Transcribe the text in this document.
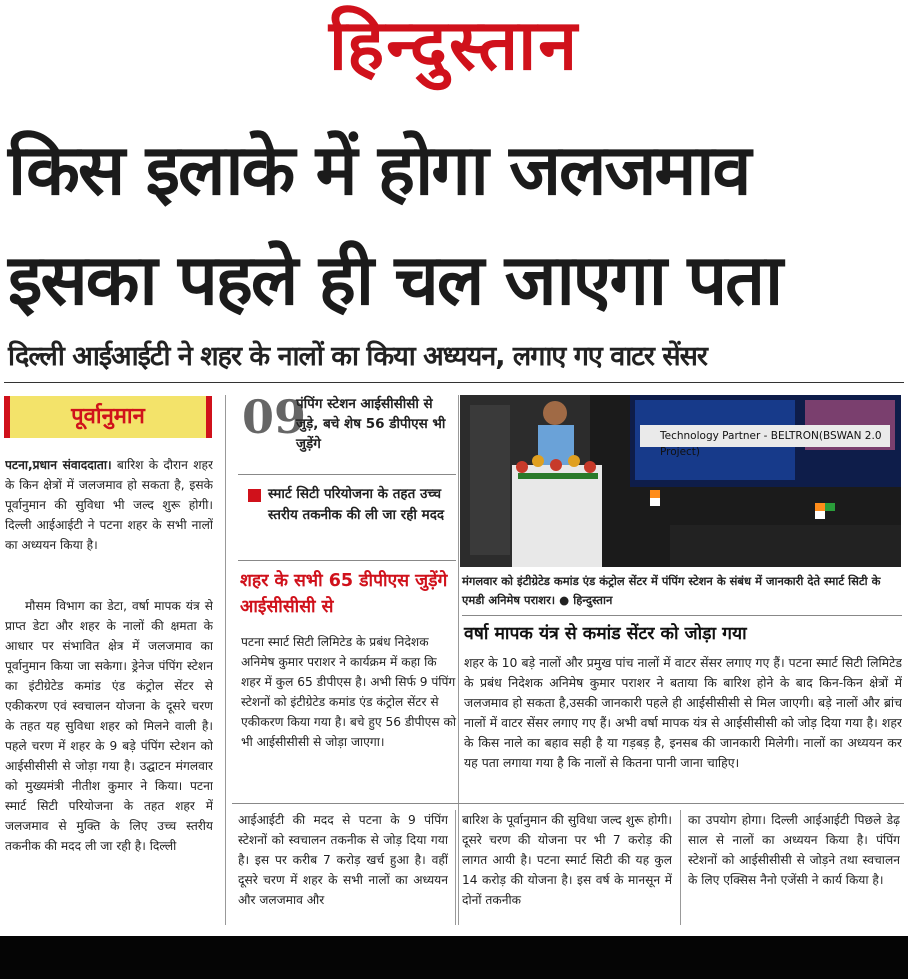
हिन्दुस्तान
किस इलाके में होगा जलजमाव
इसका पहले ही चल जाएगा पता
दिल्ली आईआईटी ने शहर के नालों का किया अध्ययन, लगाए गए वाटर सेंसर
पूर्वानुमान
पटना,प्रधान संवाददाता। बारिश के दौरान शहर के किन क्षेत्रों में जलजमाव हो सकता है, इसके पूर्वानुमान की सुविधा भी जल्द शुरू होगी। दिल्ली आईआईटी ने पटना शहर के सभी नालों का अध्ययन किया है।
मौसम विभाग का डेटा, वर्षा मापक यंत्र से प्राप्त डेटा और शहर के नालों की क्षमता के आधार पर संभावित क्षेत्र में जलजमाव का पूर्वानुमान किया जा सकेगा। ड्रेनेज पंपिंग स्टेशन का इंटीग्रेटेड कमांड एंड कंट्रोल सेंटर से एकीकरण एवं स्वचालन योजना के दूसरे चरण के तहत यह सुविधा शहर को मिलने वाली है। पहले चरण में शहर के 9 बड़े पंपिंग स्टेशन को आईसीसीसी से जोड़ा गया है। उद्घाटन मंगलवार को मुख्यमंत्री नीतीश कुमार ने किया। पटना स्मार्ट सिटी परियोजना के तहत शहर में जलजमाव से मुक्ति के लिए उच्च स्तरीय तकनीक की मदद ली जा रही है। दिल्ली
09
पंपिंग स्टेशन आईसीसीसी से जुड़े, बचे शेष 56 डीपीएस भी जुड़ेंगे
स्मार्ट सिटी परियोजना के तहत उच्च स्तरीय तकनीक की ली जा रही मदद
शहर के सभी 65 डीपीएस जुड़ेंगे आईसीसीसी से
पटना स्मार्ट सिटी लिमिटेड के प्रबंध निदेशक अनिमेष कुमार पराशर ने कार्यक्रम में कहा कि शहर में कुल 65 डीपीएस है। अभी सिर्फ 9 पंपिंग स्टेशनों को इंटीग्रेटेड कमांड एंड कंट्रोल सेंटर से एकीकरण किया गया है। बचे हुए 56 डीपीएस को भी आईसीसीसी से जोड़ा जाएगा।
Technology Partner - BELTRON(BSWAN 2.0 Project)
मंगलवार को इंटीग्रेटेड कमांड एंड कंट्रोल सेंटर में पंपिंग स्टेशन के संबंध में जानकारी देते स्मार्ट सिटी के एमडी अनिमेष पराशर। ● हिन्दुस्तान
वर्षा मापक यंत्र से कमांड सेंटर को जोड़ा गया
शहर के 10 बड़े नालों और प्रमुख पांच नालों में वाटर सेंसर लगाए गए हैं। पटना स्मार्ट सिटी लिमिटेड के प्रबंध निदेशक अनिमेष कुमार पराशर ने बताया कि बारिश होने के बाद किन-किन क्षेत्रों में जलजमाव हो सकता है,उसकी जानकारी पहले ही आईसीसीसी से मिल जाएगी। बड़े नालों और ब्रांच नालों में वाटर सेंसर लगाए गए हैं। अभी वर्षा मापक यंत्र से आईसीसीसी को जोड़ दिया गया है। शहर के किस नाले का बहाव सही है या गड़बड़ है, इनसब की जानकारी मिलेगी। नालों का अध्ययन कर यह पता लगाया गया है कि नालों से कितना पानी जाना चाहिए।
आईआईटी की मदद से पटना के 9 पंपिंग स्टेशनों को स्वचालन तकनीक से जोड़ दिया गया है। इस पर करीब 7 करोड़ खर्च हुआ है। वहीं दूसरे चरण में शहर के सभी नालों का अध्ययन और जलजमाव और
बारिश के पूर्वानुमान की सुविधा जल्द शुरू होगी। दूसरे चरण की योजना पर भी 7 करोड़ की लागत आयी है। पटना स्मार्ट सिटी की यह कुल 14 करोड़ की योजना है। इस वर्ष के मानसून में दोनों तकनीक
का उपयोग होगा। दिल्ली आईआईटी पिछले डेढ़ साल से नालों का अध्ययन किया है। पंपिंग स्टेशनों को आईसीसीसी से जोड़ने तथा स्वचालन के लिए एक्सिस नैनो एजेंसी ने कार्य किया है।
